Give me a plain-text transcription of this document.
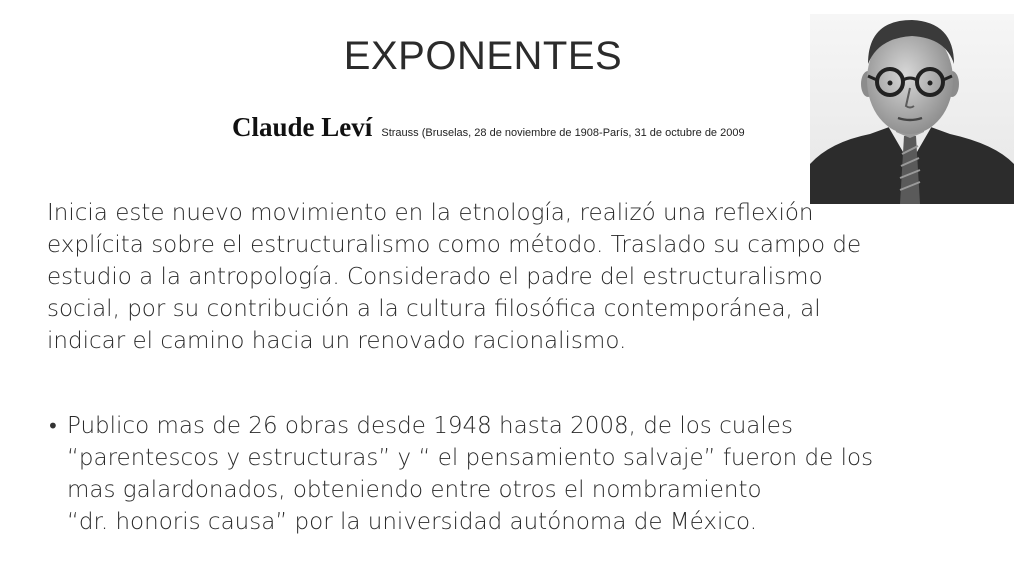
EXPONENTES
Claude Leví Strauss (Bruselas, 28 de noviembre de 1908-París, 31 de octubre de 2009
Inicia este nuevo movimiento en la etnología, realizó una reflexión
explícita sobre el estructuralismo como método. Traslado su campo de
estudio a la antropología. Considerado el padre del estructuralismo
social, por su contribución a la cultura filosófica contemporánea, al
indicar el camino hacia un renovado racionalismo.
• Publico mas de 26 obras desde 1948 hasta 2008, de los cuales
“parentescos y estructuras” y “ el pensamiento salvaje” fueron de los
mas galardonados, obteniendo entre otros el nombramiento
“dr. honoris causa” por la universidad autónoma de México.
